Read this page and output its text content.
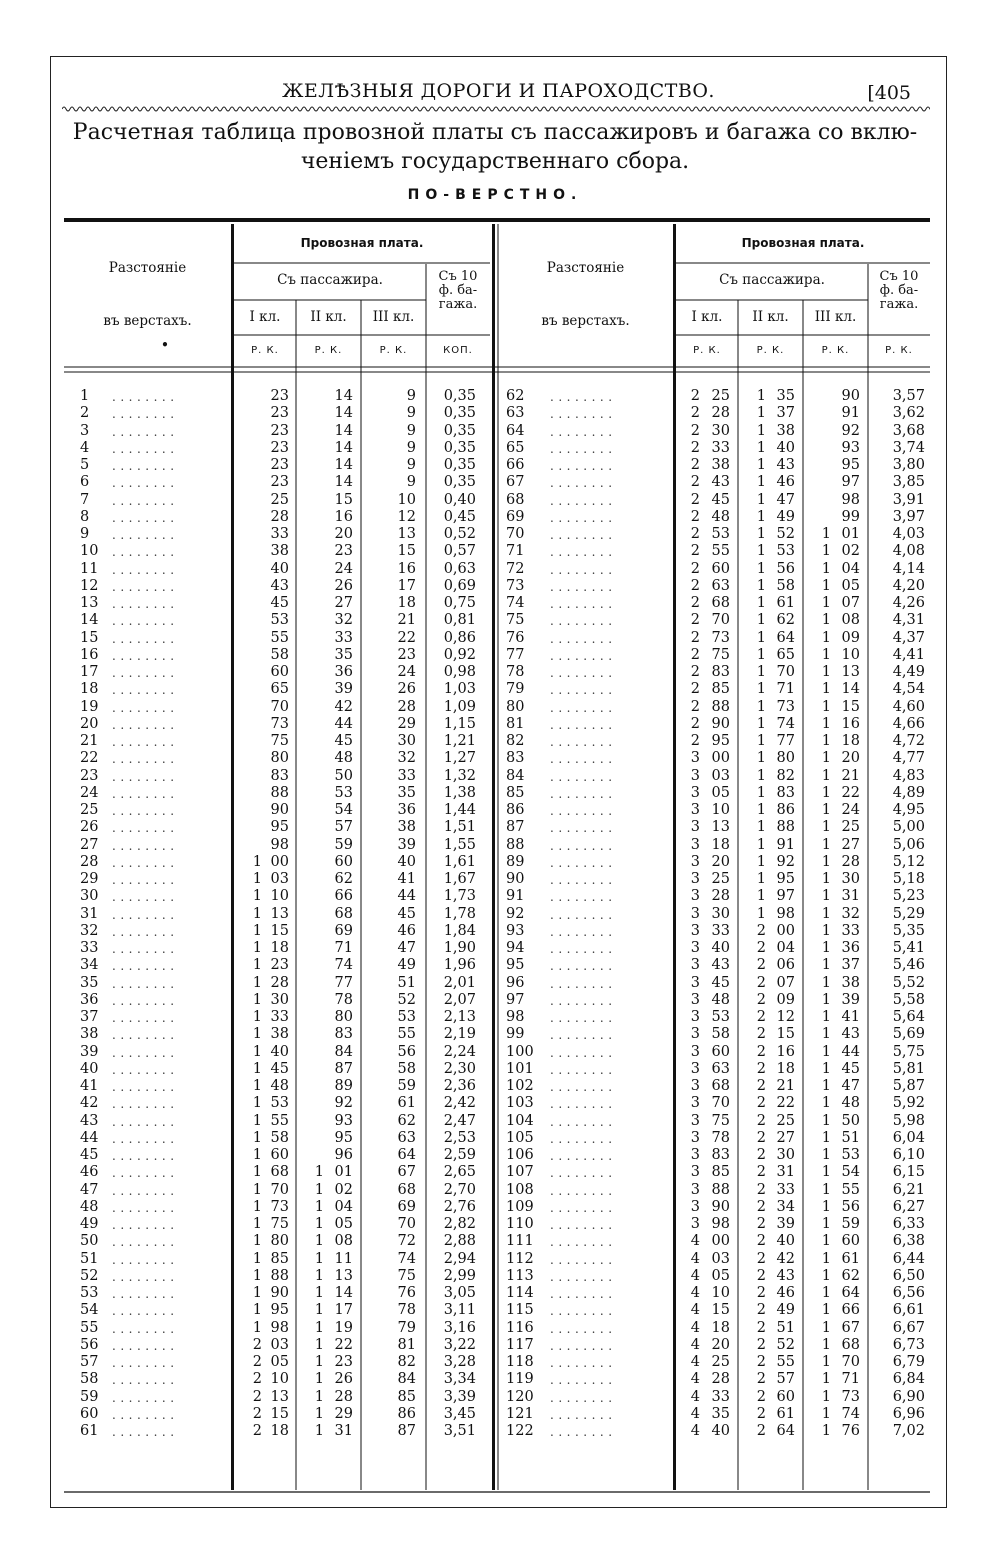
ЖЕЛѢЗНЫЯ ДОРОГИ И ПАРОХОДСТВО.	[405
Расчетная таблица провозной платы съ пассажировъ и багажа со вклю-
ченіемъ государственнаго сбора.
ПО-ВЕРСТНО.
Разстояніе
въ верстахъ.
•
Провозная плата.
Съ пассажира.	Съ 10
ф. ба-
гажа.
I кл.	II кл.	III кл.
Р. К.	Р. К.	Р. К.	КОП.
Разстояніе
въ верстахъ.
Провозная плата.
Съ пассажира.	Съ 10
ф. ба-
гажа.
I кл.	II кл.	III кл.
Р. К.	Р. К.	Р. К.	Р. К.
1	23	14	9	0,35
........
2	23	14	9	0,35
........
3	23	14	9	0,35
........
4	23	14	9	0,35
........
5	23	14	9	0,35
........
6	23	14	9	0,35
........
7	25	15	10	0,40
........
8	28	16	12	0,45
........
9	33	20	13	0,52
........
10	38	23	15	0,57
........
11	40	24	16	0,63
........
12	43	26	17	0,69
........
13	45	27	18	0,75
........
14	53	32	21	0,81
........
15	55	33	22	0,86
........
16	58	35	23	0,92
........
17	60	36	24	0,98
........
18	65	39	26	1,03
........
19	70	42	28	1,09
........
20	73	44	29	1,15
........
21	75	45	30	1,21
........
22	80	48	32	1,27
........
23	83	50	33	1,32
........
24	88	53	35	1,38
........
25	90	54	36	1,44
........
26	95	57	38	1,51
........
27	98	59	39	1,55
........
28	1 00	60	40	1,61
........
29	1 03	62	41	1,67
........
30	1 10	66	44	1,73
........
31	1 13	68	45	1,78
........
32	1 15	69	46	1,84
........
33	1 18	71	47	1,90
........
34	1 23	74	49	1,96
........
35	1 28	77	51	2,01
........
36	1 30	78	52	2,07
........
37	1 33	80	53	2,13
........
38	1 38	83	55	2,19
........
39	1 40	84	56	2,24
........
40	1 45	87	58	2,30
........
41	1 48	89	59	2,36
........
42	1 53	92	61	2,42
........
43	1 55	93	62	2,47
........
44	1 58	95	63	2,53
........
45	1 60	96	64	2,59
........
46	1 68	1 01	67	2,65
........
47	1 70	1 02	68	2,70
........
48	1 73	1 04	69	2,76
........
49	1 75	1 05	70	2,82
........
50	1 80	1 08	72	2,88
........
51	1 85	1 11	74	2,94
........
52	1 88	1 13	75	2,99
........
53	1 90	1 14	76	3,05
........
54	1 95	1 17	78	3,11
........
55	1 98	1 19	79	3,16
........
56	2 03	1 22	81	3,22
........
57	2 05	1 23	82	3,28
........
58	2 10	1 26	84	3,34
........
59	2 13	1 28	85	3,39
........
60	2 15	1 29	86	3,45
........
61	2 18	1 31	87	3,51
........
62	2 25	1 35	90	3,57
........
63	2 28	1 37	91	3,62
........
64	2 30	1 38	92	3,68
........
65	2 33	1 40	93	3,74
........
66	2 38	1 43	95	3,80
........
67	2 43	1 46	97	3,85
........
68	2 45	1 47	98	3,91
........
69	2 48	1 49	99	3,97
........
70	2 53	1 52	1 01	4,03
........
71	2 55	1 53	1 02	4,08
........
72	2 60	1 56	1 04	4,14
........
73	2 63	1 58	1 05	4,20
........
74	2 68	1 61	1 07	4,26
........
75	2 70	1 62	1 08	4,31
........
76	2 73	1 64	1 09	4,37
........
77	2 75	1 65	1 10	4,41
........
78	2 83	1 70	1 13	4,49
........
79	2 85	1 71	1 14	4,54
........
80	2 88	1 73	1 15	4,60
........
81	2 90	1 74	1 16	4,66
........
82	2 95	1 77	1 18	4,72
........
83	3 00	1 80	1 20	4,77
........
84	3 03	1 82	1 21	4,83
........
85	3 05	1 83	1 22	4,89
........
86	3 10	1 86	1 24	4,95
........
87	3 13	1 88	1 25	5,00
........
88	3 18	1 91	1 27	5,06
........
89	3 20	1 92	1 28	5,12
........
90	3 25	1 95	1 30	5,18
........
91	3 28	1 97	1 31	5,23
........
92	3 30	1 98	1 32	5,29
........
93	3 33	2 00	1 33	5,35
........
94	3 40	2 04	1 36	5,41
........
95	3 43	2 06	1 37	5,46
........
96	3 45	2 07	1 38	5,52
........
97	3 48	2 09	1 39	5,58
........
98	3 53	2 12	1 41	5,64
........
99	3 58	2 15	1 43	5,69
........
100	3 60	2 16	1 44	5,75
........
101	3 63	2 18	1 45	5,81
........
102	3 68	2 21	1 47	5,87
........
103	3 70	2 22	1 48	5,92
........
104	3 75	2 25	1 50	5,98
........
105	3 78	2 27	1 51	6,04
........
106	3 83	2 30	1 53	6,10
........
107	3 85	2 31	1 54	6,15
........
108	3 88	2 33	1 55	6,21
........
109	3 90	2 34	1 56	6,27
........
110	3 98	2 39	1 59	6,33
........
111	4 00	2 40	1 60	6,38
........
112	4 03	2 42	1 61	6,44
........
113	4 05	2 43	1 62	6,50
........
114	4 10	2 46	1 64	6,56
........
115	4 15	2 49	1 66	6,61
........
116	4 18	2 51	1 67	6,67
........
117	4 20	2 52	1 68	6,73
........
118	4 25	2 55	1 70	6,79
........
119	4 28	2 57	1 71	6,84
........
120	4 33	2 60	1 73	6,90
........
121	4 35	2 61	1 74	6,96
........
122	4 40	2 64	1 76	7,02
........
